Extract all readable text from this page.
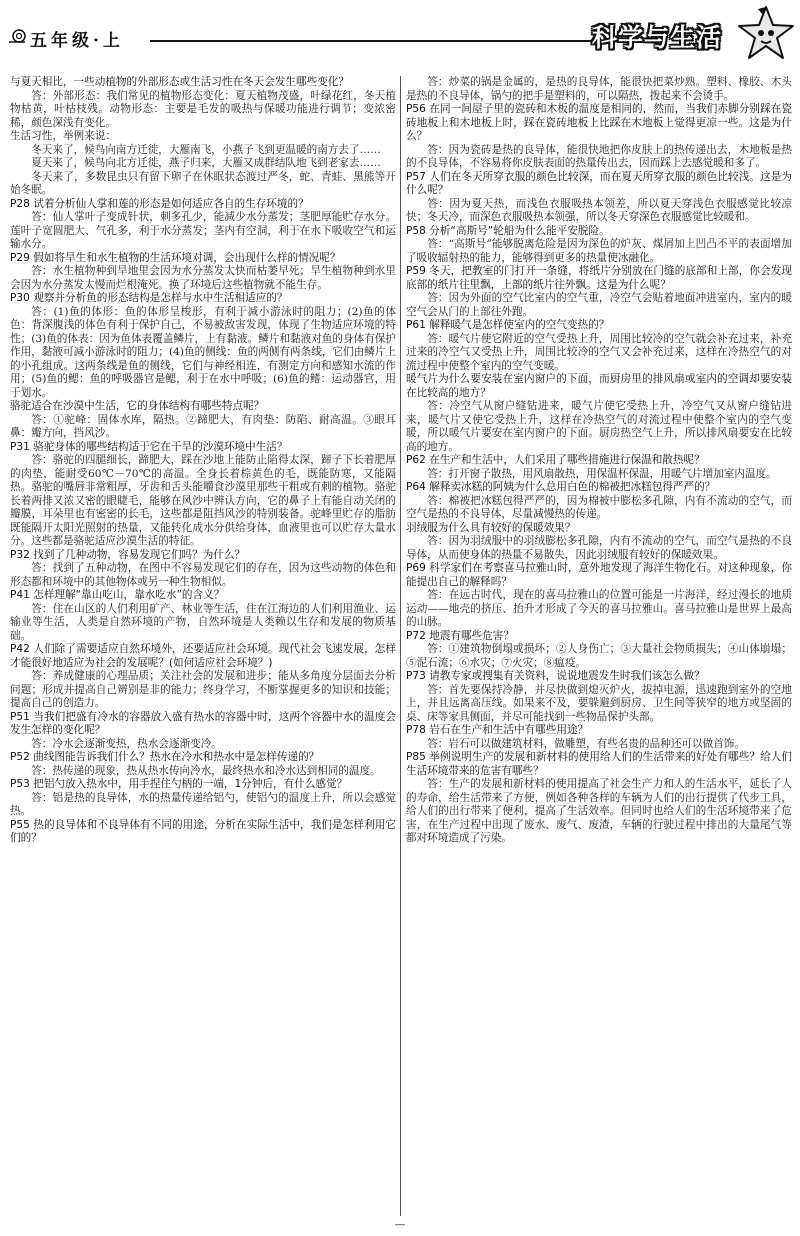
五年级·上	科学与生活

与夏天相比，一些动植物的外部形态或生活习性在冬天会发生哪些变化？

答：外部形态：我们常见的植物形态变化：夏天植物茂盛，叶绿花红，冬天植物枯黄，叶枯枝残。动物形态：主要是毛发的吸热与保暖功能进行调节；变浓密稀，颜色深浅有变化。

生活习性，举例来说：

冬天来了，候鸟向南方迁徙，大雁南飞，小燕子飞到更温暖的南方去了……

夏天来了，候鸟向北方迁徙，燕子归来，大雁又成群结队地飞到老家去……

冬天来了，多数昆虫只有留下卵子在休眠状态渡过严冬，蛇、青蛙、黑熊等开始冬眠。

P28 试着分析仙人掌和莲的形态是如何适应各自的生存环境的？

答：仙人掌叶子变成针状，刺多孔少，能减少水分蒸发；茎肥厚能贮存水分。莲叶子宽圆肥大、气孔多，利于水分蒸发；茎内有空洞，利于在水下吸收空气和运输水分。

P29 假如将旱生和水生植物的生活环境对调，会出现什么样的情况呢？

答：水生植物种到旱地里会因为水分蒸发太快而枯萎早死；旱生植物种到水里会因为水分蒸发太慢而烂根淹死。换了环境后这些植物就不能生存。

P30 观察并分析鱼的形态结构是怎样与水中生活相适应的？

答：(1)鱼的体形：鱼的体形呈梭形，有利于减小游泳时的阻力；(2)鱼的体色：背深腹浅的体色有利于保护自己，不易被敌害发现，体现了生物适应环境的特性；(3)鱼的体表：因为鱼体表覆盖鳞片，上有黏液。鳞片和黏液对鱼的身体有保护作用，黏液可减小游泳时的阻力；(4)鱼的侧线：鱼的两侧有两条线，它们由鳞片上的小孔组成。这两条线是鱼的侧线，它们与神经相连，有测定方向和感知水流的作用；(5)鱼的鳃：鱼的呼吸器官是鳃，利于在水中呼吸；(6)鱼的鳍：运动器官，用于划水。

骆驼适合在沙漠中生活，它的身体结构有哪些特点呢？

答：①驼峰：固体水库，隔热。②蹄肥大，有肉垫：防陷、耐高温。③眼耳鼻：瓣方向，挡风沙。

P31 骆驼身体的哪些结构适于它在干旱的沙漠环境中生活？

答：骆驼的四腿细长，蹄肥大，踩在沙地上能防止陷得太深，蹄子下长着肥厚的肉垫，能耐受60℃－70℃的高温。全身长着棕黄色的毛，既能防寒，又能隔热。骆驼的嘴唇非常粗厚，牙齿和舌头能嚼食沙漠里那些干粗或有刺的植物。骆驼长着两排又浓又密的眼睫毛，能够在风沙中辨认方向，它的鼻子上有能自动关闭的瓣膜，耳朵里也有密密的长毛，这些都是阻挡风沙的特别装备。驼峰里贮存的脂肪既能隔开太阳光照射的热量，又能转化成水分供给身体，血液里也可以贮存大量水分。这些都是骆驼适应沙漠生活的特征。

P32 找到了几种动物，容易发现它们吗？为什么？

答：找到了五种动物，在图中不容易发现它们的存在，因为这些动物的体色和形态都和环境中的其他物体或另一种生物相似。

P41 怎样理解“靠山吃山，靠水吃水”的含义？

答：住在山区的人们利用矿产、林业等生活，住在江海边的人们利用渔业、运输业等生活，人类是自然环境的产物，自然环境是人类赖以生存和发展的物质基础。

P42 人们除了需要适应自然环境外，还要适应社会环境。现代社会飞速发展，怎样才能很好地适应为社会的发展呢？(如何适应社会环境？)

答：养成健康的心理品质；关注社会的发展和进步；能从多角度分层面去分析问题；形成并提高自己辨别是非的能力；终身学习，不断掌握更多的知识和技能；提高自己的创造力。

P51 当我们把盛有冷水的容器放入盛有热水的容器中时，这两个容器中水的温度会发生怎样的变化呢？

答：冷水会逐渐变热，热水会逐渐变冷。

P52 曲线图能告诉我们什么？热水在冷水和热水中是怎样传递的？

答：热传递的现象，热从热水传向冷水，最终热水和冷水达到相同的温度。

P53 把铝勺放入热水中，用手捏住勺柄的一端，1分钟后，有什么感觉？

答：铝是热的良导体，水的热量传递给铝勺，使铝勺的温度上升，所以会感觉热。

P55 热的良导体和不良导体有不同的用途，分析在实际生活中，我们是怎样利用它们的？

答：炒菜的锅是金属的，是热的良导体，能很快把菜炒熟。塑料、橡胶、木头是热的不良导体，锅勺的把手是塑料的，可以隔热，拨起来不会烫手。

P56 在同一间屋子里的瓷砖和木板的温度是相同的，然而，当我们赤脚分别踩在瓷砖地板上和木地板上时，踩在瓷砖地板上比踩在木地板上觉得更凉一些。这是为什么？

答：因为瓷砖是热的良导体，能很快地把你皮肤上的热传递出去，木地板是热的不良导体，不容易将你皮肤表面的热量传出去，因而踩上去感觉暖和多了。

P57 人们在冬天所穿衣服的颜色比较深，而在夏天所穿衣服的颜色比较浅。这是为什么呢？

答：因为夏天热，而浅色衣服吸热本领差，所以夏天穿浅色衣服感觉比较凉快；冬天冷，而深色衣服吸热本领强，所以冬天穿深色衣服感觉比较暖和。

P58 分析“高斯号”轮船为什么能平安脱险。

答：“高斯号”能够脱离危险是因为深色的炉灰、煤屑加上凹凸不平的表面增加了吸收辐射热的能力，能够得到更多的热量使冰融化。

P59 冬天，把教室的门打开一条缝，将纸片分别放在门缝的底部和上部，你会发现底部的纸片往里飘，上部的纸片往外飘。这是为什么呢？

答：因为外面的空气比室内的空气重，冷空气会贴着地面冲进室内，室内的暖空气会从门的上部往外跑。

P61 解释暖气是怎样使室内的空气变热的？

答：暖气片使它附近的空气受热上升，周围比较冷的空气就会补充过来，补充过来的冷空气又受热上升，周围比较冷的空气又会补充过来，这样在冷热空气的对流过程中使整个室内的空气变暖。

暖气片为什么要安装在室内窗户的下面，而厨房里的排风扇或室内的空调却要安装在比较高的地方？

答：冷空气从窗户缝钻进来，暖气片使它受热上升，冷空气又从窗户缝钻进来，暖气片又使它受热上升，这样在冷热空气的对流过程中使整个室内的空气变暖，所以暖气片要安在室内窗户的下面。厨房热空气上升，所以排风扇要安在比较高的地方。

P62 在生产和生活中，人们采用了哪些措施进行保温和散热呢？

答：打开窗子散热，用风扇散热，用保温杯保温，用暖气片增加室内温度。

P64 解释卖冰糕的阿姨为什么总用白色的棉被把冰糕包得严严的？

答：棉被把冰糕包得严严的，因为棉被中膨松多孔隙，内有不流动的空气，而空气是热的不良导体，尽量减慢热的传递。

羽绒服为什么具有较好的保暖效果？

答：因为羽绒服中的羽绒膨松多孔隙，内有不流动的空气，而空气是热的不良导体，从而使身体的热量不易散失，因此羽绒服有较好的保暖效果。

P69 科学家们在考察喜马拉雅山时，意外地发现了海洋生物化石。对这种现象，你能提出自己的解释吗？

答：在远古时代，现在的喜马拉雅山的位置可能是一片海洋，经过漫长的地质运动——地壳的挤压、抬升才形成了今天的喜马拉雅山。喜马拉雅山是世界上最高的山脉。

P72 地震有哪些危害？

答：①建筑物倒塌或损坏；②人身伤亡；③大量社会物质损失；④山体崩塌；⑤泥石流；⑥水灾；⑦火灾；⑧瘟疫。

P73 请教专家或搜集有关资料，说说地震发生时我们该怎么做？

答：首先要保持冷静，并尽快做到熄灭炉火，拔掉电源，迅速跑到室外的空地上，并且远离高压线。如果来不及，要躲避到厨房、卫生间等狭窄的地方或坚固的桌、床等家具侧面，并尽可能找到一些物品保护头部。

P78 岩石在生产和生活中有哪些用途？

答：岩石可以做建筑材料，做雕塑，有些名贵的品种还可以做首饰。

P85 举例说明生产的发展和新材料的使用给人们的生活带来的好处有哪些？给人们生活环境带来的危害有哪些？

答：生产的发展和新材料的使用提高了社会生产力和人的生活水平，延长了人的寿命，给生活带来了方便，例如各种各样的车辆为人们的出行提供了代步工具，给人们的出行带来了便利，提高了生活效率。但同时也给人们的生活环境带来了危害，在生产过程中出现了废水、废气、废渣，车辆的行驶过程中排出的大量尾气等都对环境造成了污染。

—
